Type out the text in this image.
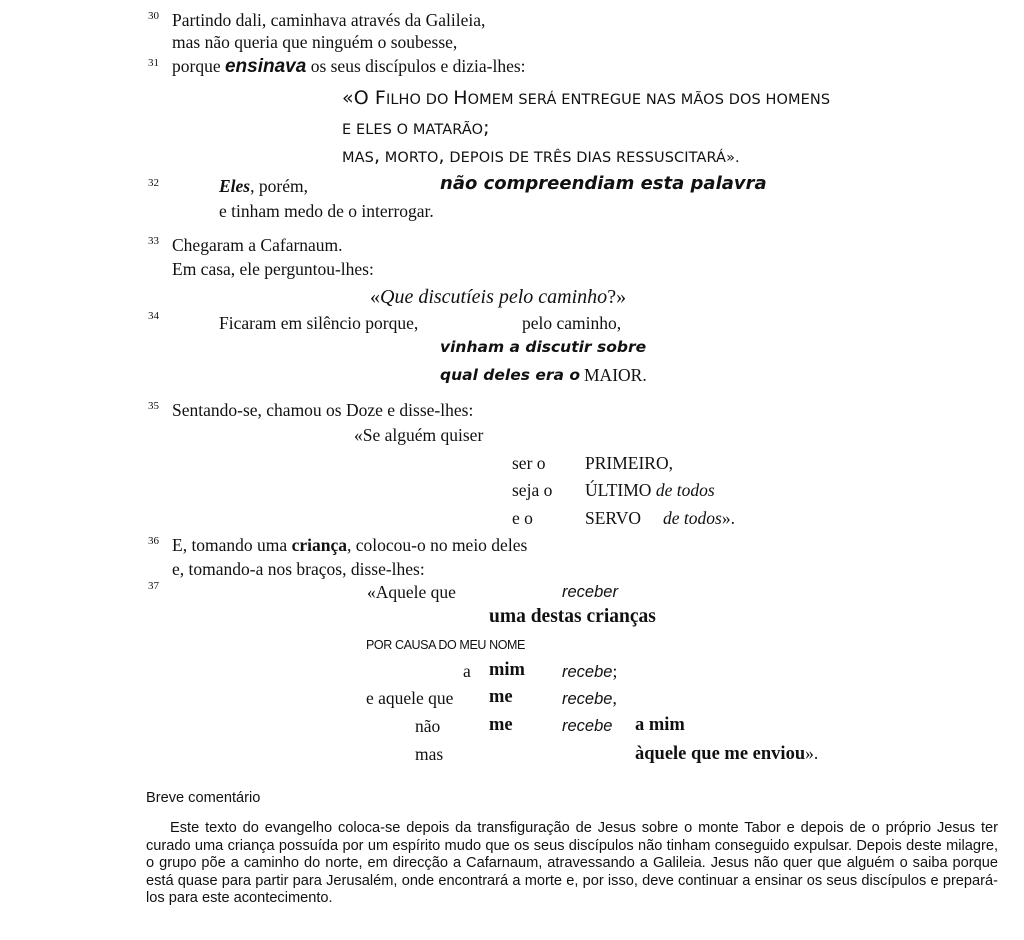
30 Partindo dali, caminhava através da Galileia,
mas não queria que ninguém o soubesse,
31 porque ensinava os seus discípulos e dizia-lhes:
«O FILHO DO HOMEM SERÁ ENTREGUE NAS MÃOS DOS HOMENS
E ELES O MATARÃO;
MAS, MORTO, DEPOIS DE TRÊS DIAS RESSUSCITARÁ».
32	Eles, porém,	não compreendiam esta palavra
e tinham medo de o interrogar.
33 Chegaram a Cafarnaum.
Em casa, ele perguntou-lhes:
«Que discutíeis pelo caminho?»
34	Ficaram em silêncio porque,	pelo caminho,
vinham a discutir sobre
qual deles era o MAIOR.
35 Sentando-se, chamou os Doze e disse-lhes:
«Se alguém quiser
ser o PRIMEIRO,
seja o ÚLTIMO de todos
e o	SERVO de todos».
36 E, tomando uma criança, colocou-o no meio deles
e, tomando-a nos braços, disse-lhes:
37	«Aquele que	receber
uma destas crianças
POR CAUSA DO MEU NOME
a mim recebe;
e aquele que me	recebe,
não	me	recebe a mim
mas	àquele que me enviou».
Breve comentário
Este texto do evangelho coloca-se depois da transfiguração de Jesus sobre o monte Tabor e depois de o próprio Jesus ter curado uma criança possuída por um espírito mudo que os seus discípulos não tinham conseguido expulsar. Depois deste milagre, o grupo põe a caminho do norte, em direcção a Cafarnaum, atravessando a Galileia. Jesus não quer que alguém o saiba porque está quase para partir para Jerusalém, onde encontrará a morte e, por isso, deve continuar a ensinar os seus discípulos e prepará-los para este acontecimento.
